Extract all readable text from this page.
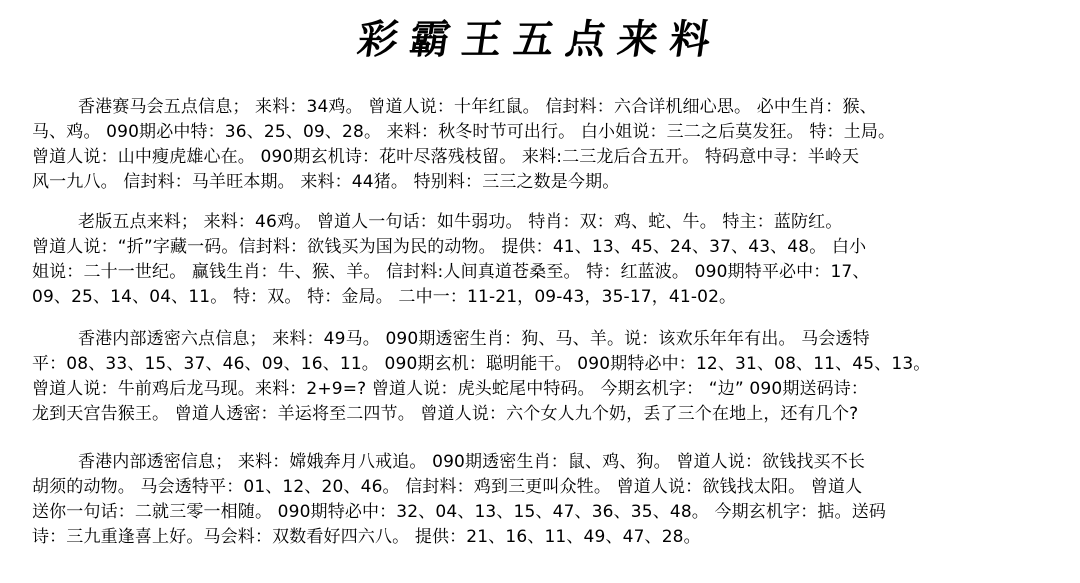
彩霸王五点来料
香港赛马会五点信息； 来料：34鸡。 曾道人说：十年红鼠。 信封料：六合详机细心思。 必中生肖：猴、
马、鸡。 090期必中特：36、25、09、28。 来料：秋冬时节可出行。 白小姐说：三二之后莫发狂。 特：土局。
曾道人说：山中瘦虎雄心在。 090期玄机诗：花叶尽落残枝留。 来料:二三龙后合五开。 特码意中寻：半岭天
风一九八。 信封料：马羊旺本期。 来料：44猪。 特别料：三三之数是今期。
老版五点来料； 来料：46鸡。 曾道人一句话：如牛弱功。 特肖：双：鸡、蛇、牛。 特主：蓝防红。
曾道人说：“折”字藏一码。信封料：欲钱买为国为民的动物。 提供：41、13、45、24、37、43、48。 白小
姐说：二十一世纪。 赢钱生肖：牛、猴、羊。 信封料:人间真道苍桑至。 特：红蓝波。 090期特平必中：17、
09、25、14、04、11。 特：双。 特：金局。 二中一：11-21，09-43，35-17，41-02。
香港内部透密六点信息； 来料：49马。 090期透密生肖：狗、马、羊。说：该欢乐年年有出。 马会透特
平：08、33、15、37、46、09、16、11。 090期玄机：聪明能干。 090期特必中：12、31、08、11、45、13。
曾道人说：牛前鸡后龙马现。来料：2+9=? 曾道人说：虎头蛇尾中特码。 今期玄机字： “边” 090期送码诗：
龙到天宫告猴王。 曾道人透密：羊运将至二四节。 曾道人说：六个女人九个奶，丢了三个在地上，还有几个?
香港内部透密信息； 来料：嫦娥奔月八戒追。 090期透密生肖：鼠、鸡、狗。 曾道人说：欲钱找买不长
胡须的动物。 马会透特平：01、12、20、46。 信封料：鸡到三更叫众牲。 曾道人说：欲钱找太阳。 曾道人
送你一句话：二就三零一相随。 090期特必中：32、04、13、15、47、36、35、48。 今期玄机字：掂。送码
诗：三九重逢喜上好。马会料：双数看好四六八。 提供：21、16、11、49、47、28。
